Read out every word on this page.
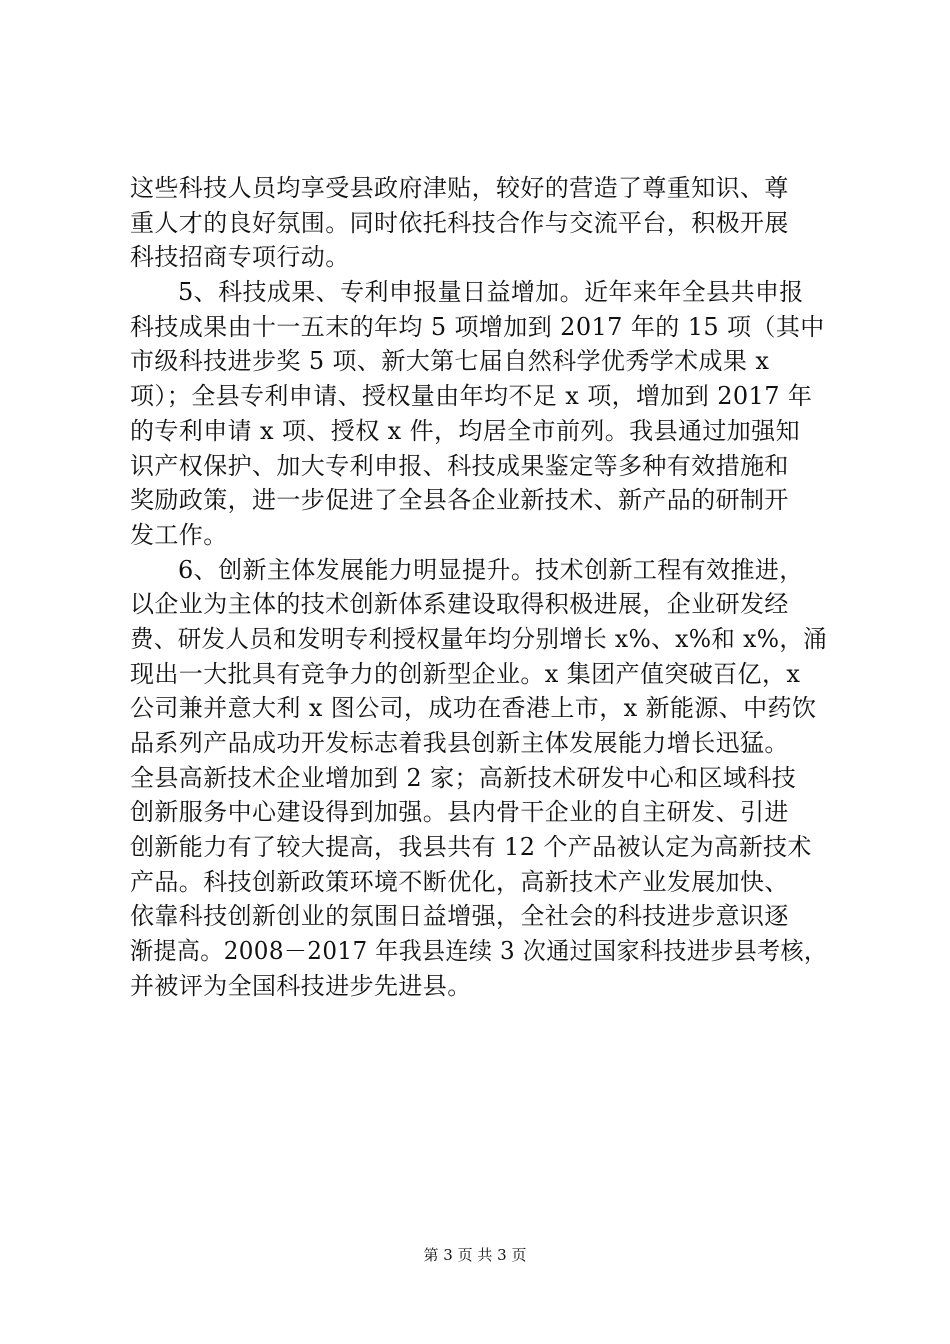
这些科技人员均享受县政府津贴，较好的营造了尊重知识、尊
重人才的良好氛围。同时依托科技合作与交流平台，积极开展
科技招商专项行动。
5、科技成果、专利申报量日益增加。近年来年全县共申报
科技成果由十一五末的年均 5 项增加到 2017 年的 15 项（其中
市级科技进步奖 5 项、新大第七届自然科学优秀学术成果 x
项）；全县专利申请、授权量由年均不足 x 项，增加到 2017 年
的专利申请 x 项、授权 x 件，均居全市前列。我县通过加强知
识产权保护、加大专利申报、科技成果鉴定等多种有效措施和
奖励政策，进一步促进了全县各企业新技术、新产品的研制开
发工作。
6、创新主体发展能力明显提升。技术创新工程有效推进，
以企业为主体的技术创新体系建设取得积极进展，企业研发经
费、研发人员和发明专利授权量年均分别增长 x%、x%和 x%，涌
现出一大批具有竞争力的创新型企业。x 集团产值突破百亿，x
公司兼并意大利 x 图公司，成功在香港上市，x 新能源、中药饮
品系列产品成功开发标志着我县创新主体发展能力增长迅猛。
全县高新技术企业增加到 2 家；高新技术研发中心和区域科技
创新服务中心建设得到加强。县内骨干企业的自主研发、引进
创新能力有了较大提高，我县共有 12 个产品被认定为高新技术
产品。科技创新政策环境不断优化，高新技术产业发展加快、
依靠科技创新创业的氛围日益增强，全社会的科技进步意识逐
渐提高。2008－2017 年我县连续 3 次通过国家科技进步县考核，
并被评为全国科技进步先进县。
第 3 页 共 3 页
